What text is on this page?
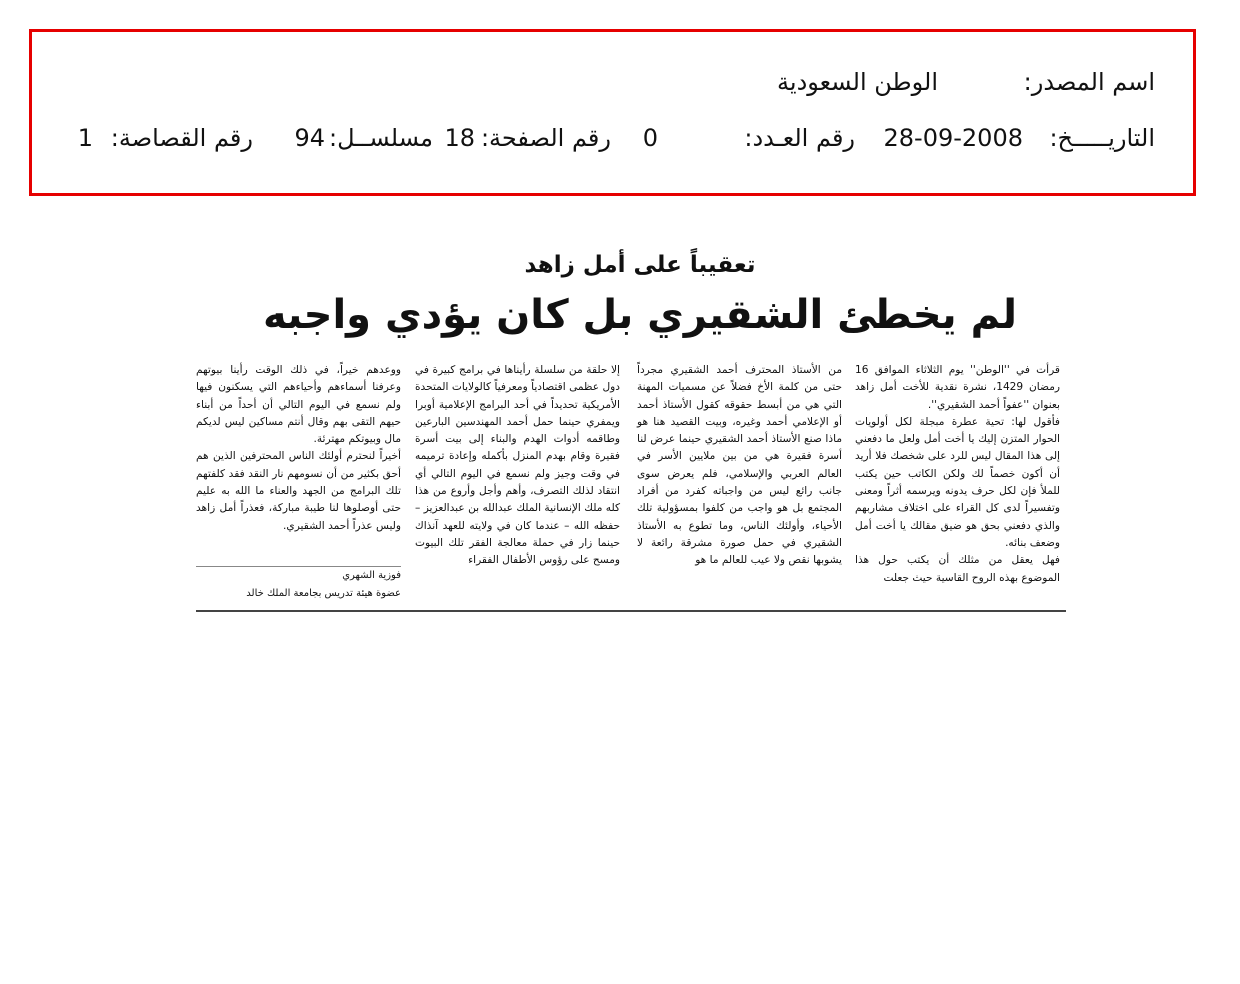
اسم المصدر:
الوطن السعودية
التاريـــــخ:
28-09-2008
رقم العـدد:
0
رقم الصفحة:
18
مسلســل:
94
رقم القصاصة:
1
تعقيباً على أمل زاهد
لم يخطئ الشقيري بل كان يؤدي واجبه

قرأت في ''الوطن'' يوم الثلاثاء الموافق 16 رمضان 1429، نشرة نقدية للأخت أمل زاهد بعنوان ''عفواً أحمد الشقيري''.

فأقول لها: تحية عطرة مبجلة لكل أولويات الحوار المتزن إليك يا أخت أمل ولعل ما دفعني إلى هذا المقال ليس للرد على شخصك فلا أريد أن أكون خصماً لك ولكن الكاتب حين يكتب للملأ فإن لكل حرف يدونه ويرسمه أثراً ومعنى وتفسيراً لدى كل القراء على اختلاف مشاربهم والذي دفعني بحق هو ضيق مقالك يا أخت أمل وضعف بنائه.

فهل يعقل من مثلك أن يكتب حول هذا الموضوع بهذه الروح القاسية حيث جعلت

من الأستاذ المحترف أحمد الشقيري مجرداً حتى من كلمة الأخ فضلاً عن مسميات المهنة التي هي من أبسط حقوقه كقول الأستاذ أحمد أو الإعلامي أحمد وغيره، وبيت القصيد هنا هو ماذا صنع الأستاذ أحمد الشقيري حينما عرض لنا أسرة فقيرة هي من بين ملايين الأسر في العالم العربي والإسلامي، فلم يعرض سوى جانب رائع ليس من واجباته كفرد من أفراد المجتمع بل هو واجب من كلفوا بمسؤولية تلك الأحياء، وأولئك الناس، وما تطوع به الأستاذ الشقيري في حمل صورة مشرقة رائعة لا يشوبها نقص ولا عيب للعالم ما هو

إلا حلقة من سلسلة رأيناها في برامج كبيرة في دول عظمى اقتصادياً ومعرفياً كالولايات المتحدة الأمريكية تحديداً في أحد البرامج الإعلامية أوبرا ويمفري حينما حمل أحمد المهندسين البارعين وطاقمه أدوات الهدم والبناء إلى بيت أسرة فقيرة وقام بهدم المنزل بأكمله وإعادة ترميمه في وقت وجيز ولم نسمع في اليوم التالي أي انتقاد لذلك التصرف، وأهم وأجل وأروع من هذا كله ملك الإنسانية الملك عبدالله بن عبدالعزيز – حفظه الله – عندما كان في ولايته للعهد آنذاك حينما زار في حملة معالجة الفقر تلك البيوت ومسح على رؤوس الأطفال الفقراء

ووعدهم خيراً، في ذلك الوقت رأينا بيوتهم وعرفنا أسماءهم وأحياءهم التي يسكنون فيها ولم نسمع في اليوم التالي أن أحداً من أبناء حيهم التقى بهم وقال أنتم مساكين ليس لديكم مال وبيوتكم مهترئة.

أخيراً لنحترم أولئك الناس المحترفين الذين هم أحق بكثير من أن نسومهم نار النقد فقد كلفتهم تلك البرامج من الجهد والعناء ما الله به عليم حتى أوصلوها لنا طيبة مباركة، فعذراً أمل زاهد وليس عذراً أحمد الشقيري.

فوزية الشهري
عضوة هيئة تدريس بجامعة الملك خالد
